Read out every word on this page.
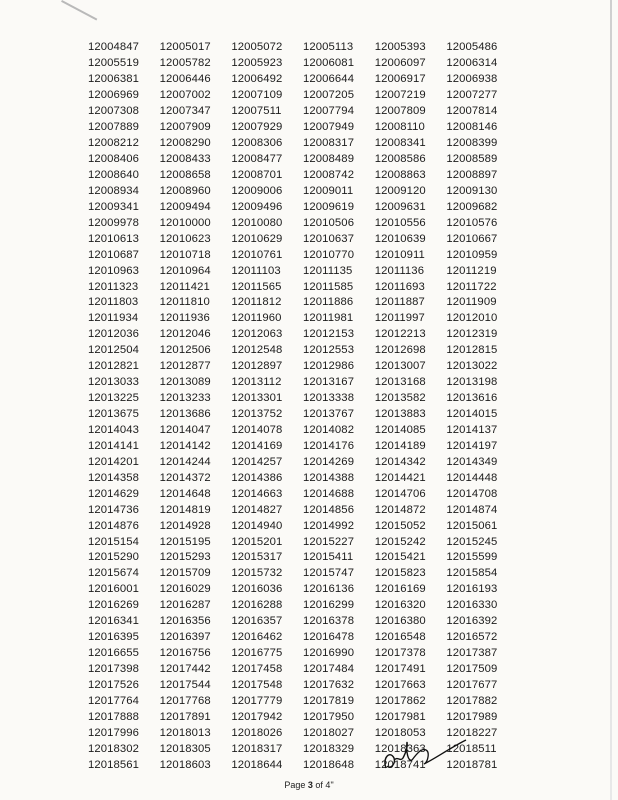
12004847	12005017	12005072	12005113	12005393	12005486
12005519	12005782	12005923	12006081	12006097	12006314
12006381	12006446	12006492	12006644	12006917	12006938
12006969	12007002	12007109	12007205	12007219	12007277
12007308	12007347	12007511	12007794	12007809	12007814
12007889	12007909	12007929	12007949	12008110	12008146
12008212	12008290	12008306	12008317	12008341	12008399
12008406	12008433	12008477	12008489	12008586	12008589
12008640	12008658	12008701	12008742	12008863	12008897
12008934	12008960	12009006	12009011	12009120	12009130
12009341	12009494	12009496	12009619	12009631	12009682
12009978	12010000	12010080	12010506	12010556	12010576
12010613	12010623	12010629	12010637	12010639	12010667
12010687	12010718	12010761	12010770	12010911	12010959
12010963	12010964	12011103	12011135	12011136	12011219
12011323	12011421	12011565	12011585	12011693	12011722
12011803	12011810	12011812	12011886	12011887	12011909
12011934	12011936	12011960	12011981	12011997	12012010
12012036	12012046	12012063	12012153	12012213	12012319
12012504	12012506	12012548	12012553	12012698	12012815
12012821	12012877	12012897	12012986	12013007	12013022
12013033	12013089	12013112	12013167	12013168	12013198
12013225	12013233	12013301	12013338	12013582	12013616
12013675	12013686	12013752	12013767	12013883	12014015
12014043	12014047	12014078	12014082	12014085	12014137
12014141	12014142	12014169	12014176	12014189	12014197
12014201	12014244	12014257	12014269	12014342	12014349
12014358	12014372	12014386	12014388	12014421	12014448
12014629	12014648	12014663	12014688	12014706	12014708
12014736	12014819	12014827	12014856	12014872	12014874
12014876	12014928	12014940	12014992	12015052	12015061
12015154	12015195	12015201	12015227	12015242	12015245
12015290	12015293	12015317	12015411	12015421	12015599
12015674	12015709	12015732	12015747	12015823	12015854
12016001	12016029	12016036	12016136	12016169	12016193
12016269	12016287	12016288	12016299	12016320	12016330
12016341	12016356	12016357	12016378	12016380	12016392
12016395	12016397	12016462	12016478	12016548	12016572
12016655	12016756	12016775	12016990	12017378	12017387
12017398	12017442	12017458	12017484	12017491	12017509
12017526	12017544	12017548	12017632	12017663	12017677
12017764	12017768	12017779	12017819	12017862	12017882
12017888	12017891	12017942	12017950	12017981	12017989
12017996	12018013	12018026	12018027	12018053	12018227
12018302	12018305	12018317	12018329	12018363	12018511
12018561	12018603	12018644	12018648	12018741	12018781
Page 3 of 4"
